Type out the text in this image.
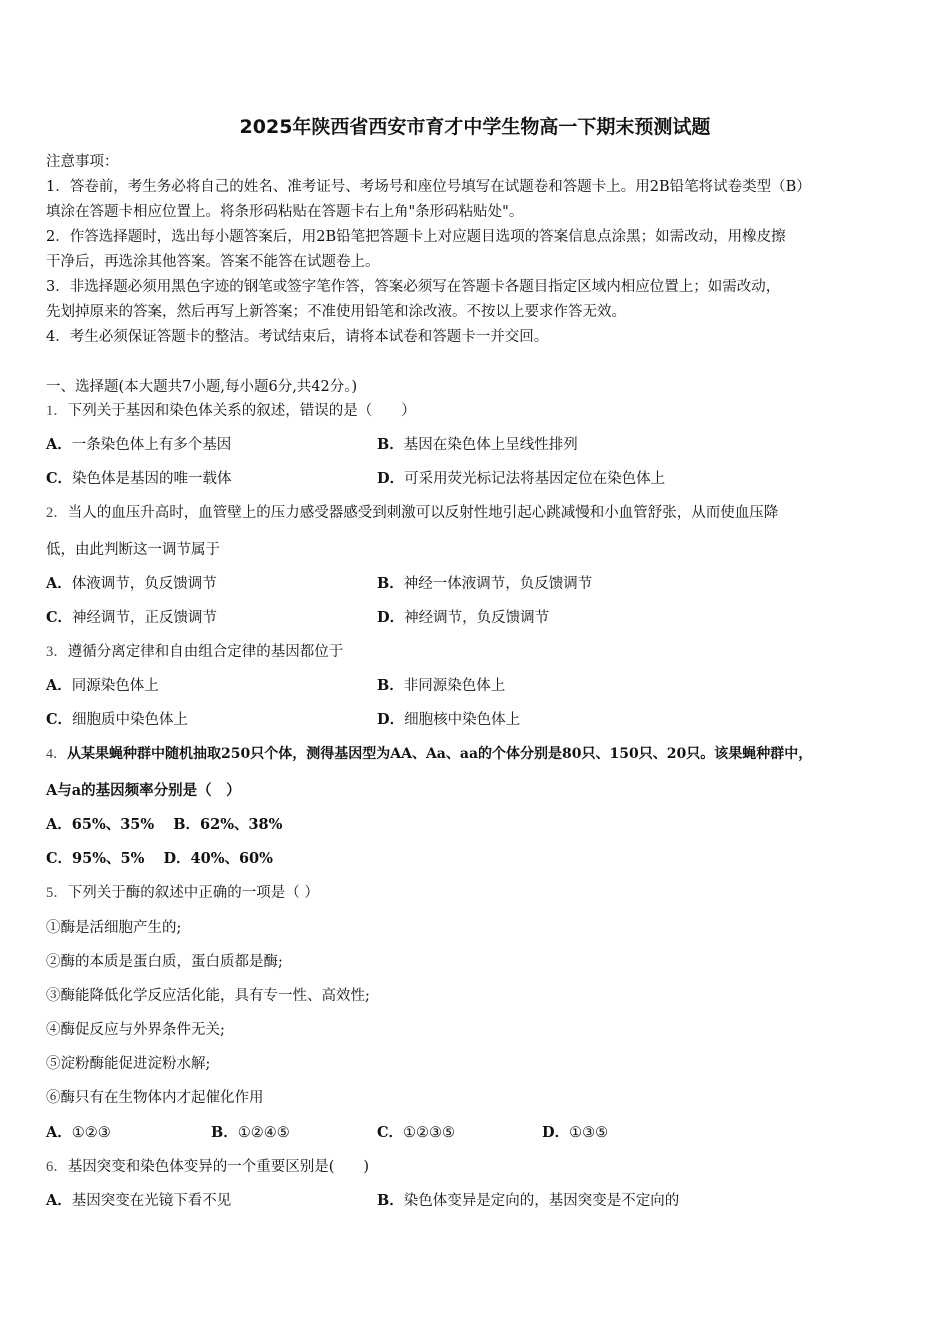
2025年陕西省西安市育才中学生物高一下期末预测试题
注意事项：
1．答卷前，考生务必将自己的姓名、准考证号、考场号和座位号填写在试题卷和答题卡上。用2B铅笔将试卷类型（B）
填涂在答题卡相应位置上。将条形码粘贴在答题卡右上角"条形码粘贴处"。
2．作答选择题时，选出每小题答案后，用2B铅笔把答题卡上对应题目选项的答案信息点涂黑；如需改动，用橡皮擦
干净后，再选涂其他答案。答案不能答在试题卷上。
3．非选择题必须用黑色字迹的钢笔或签字笔作答，答案必须写在答题卡各题目指定区域内相应位置上；如需改动，
先划掉原来的答案，然后再写上新答案；不准使用铅笔和涂改液。不按以上要求作答无效。
4．考生必须保证答题卡的整洁。考试结束后，请将本试卷和答题卡一并交回。
一、选择题(本大题共7小题,每小题6分,共42分。)
1．下列关于基因和染色体关系的叙述，错误的是（　　）
A．一条染色体上有多个基因	B．基因在染色体上呈线性排列
C．染色体是基因的唯一载体	D．可采用荧光标记法将基因定位在染色体上
2．当人的血压升高时，血管壁上的压力感受器感受到刺激可以反射性地引起心跳减慢和小血管舒张，从而使血压降
低，由此判断这一调节属于
A．体液调节，负反馈调节	B．神经一体液调节，负反馈调节
C．神经调节，正反馈调节	D．神经调节，负反馈调节
3．遵循分离定律和自由组合定律的基因都位于
A．同源染色体上	B．非同源染色体上
C．细胞质中染色体上	D．细胞核中染色体上
4．从某果蝇种群中随机抽取250只个体，测得基因型为AA、Aa、aa的个体分别是80只、150只、20只。该果蝇种群中，
A与a的基因频率分别是（　）
A．65%、35% B．62%、38%
C．95%、5% D．40%、60%
5．下列关于酶的叙述中正确的一项是（ ）
①酶是活细胞产生的;
②酶的本质是蛋白质，蛋白质都是酶;
③酶能降低化学反应活化能，具有专一性、高效性;
④酶促反应与外界条件无关;
⑤淀粉酶能促进淀粉水解;
⑥酶只有在生物体内才起催化作用
A．①②③	B．①②④⑤	C．①②③⑤	D．①③⑤
6．基因突变和染色体变异的一个重要区别是(　　)
A．基因突变在光镜下看不见	B．染色体变异是定向的，基因突变是不定向的
